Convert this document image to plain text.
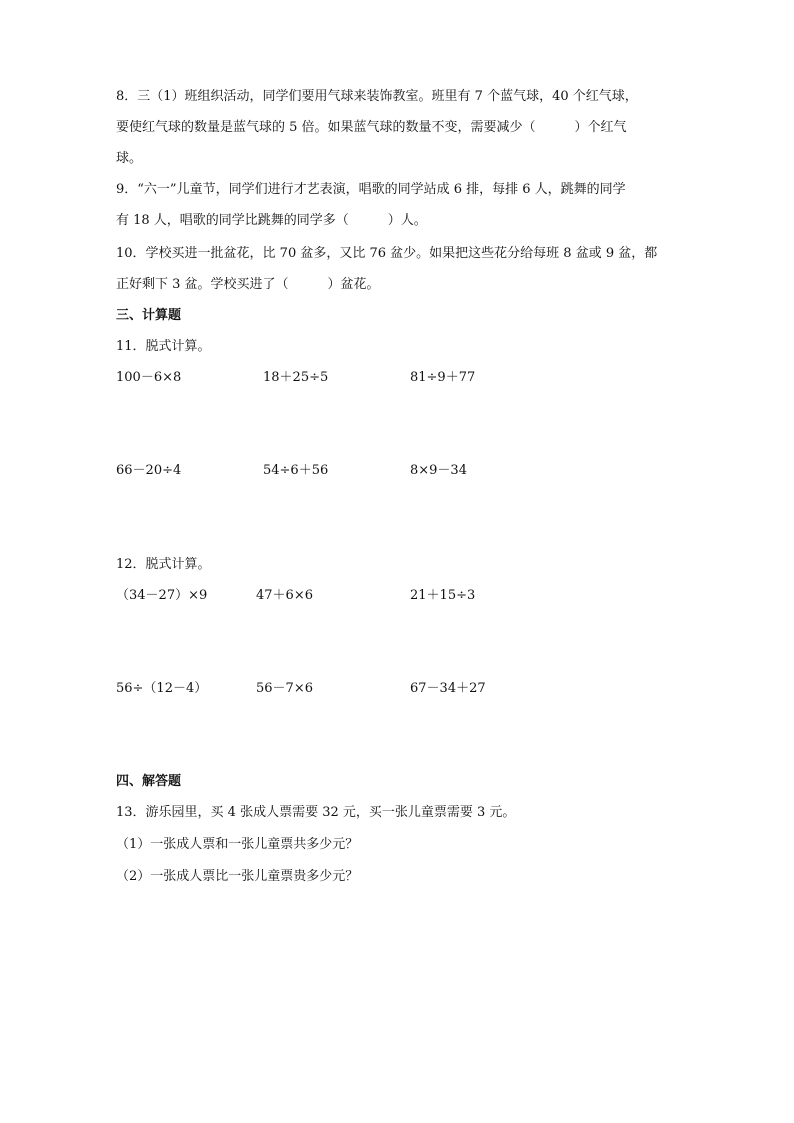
8．三（1）班组织活动，同学们要用气球来装饰教室。班里有 7 个蓝气球，40 个红气球，
要使红气球的数量是蓝气球的 5 倍。如果蓝气球的数量不变，需要减少（　　　）个红气
球。
9．“六一”儿童节，同学们进行才艺表演，唱歌的同学站成 6 排，每排 6 人，跳舞的同学
有 18 人，唱歌的同学比跳舞的同学多（　　　）人。
10．学校买进一批盆花，比 70 盆多，又比 76 盆少。如果把这些花分给每班 8 盆或 9 盆，都
正好剩下 3 盆。学校买进了（　　　）盆花。
三、计算题
11．脱式计算。
100－6×8	18＋25÷5	81÷9＋77
66－20÷4	54÷6＋56	8×9－34
12．脱式计算。
（34－27）×9	47＋6×6	21＋15÷3
56÷（12－4）	56－7×6	67－34＋27
四、解答题
13．游乐园里，买 4 张成人票需要 32 元，买一张儿童票需要 3 元。
（1）一张成人票和一张儿童票共多少元？
（2）一张成人票比一张儿童票贵多少元？
